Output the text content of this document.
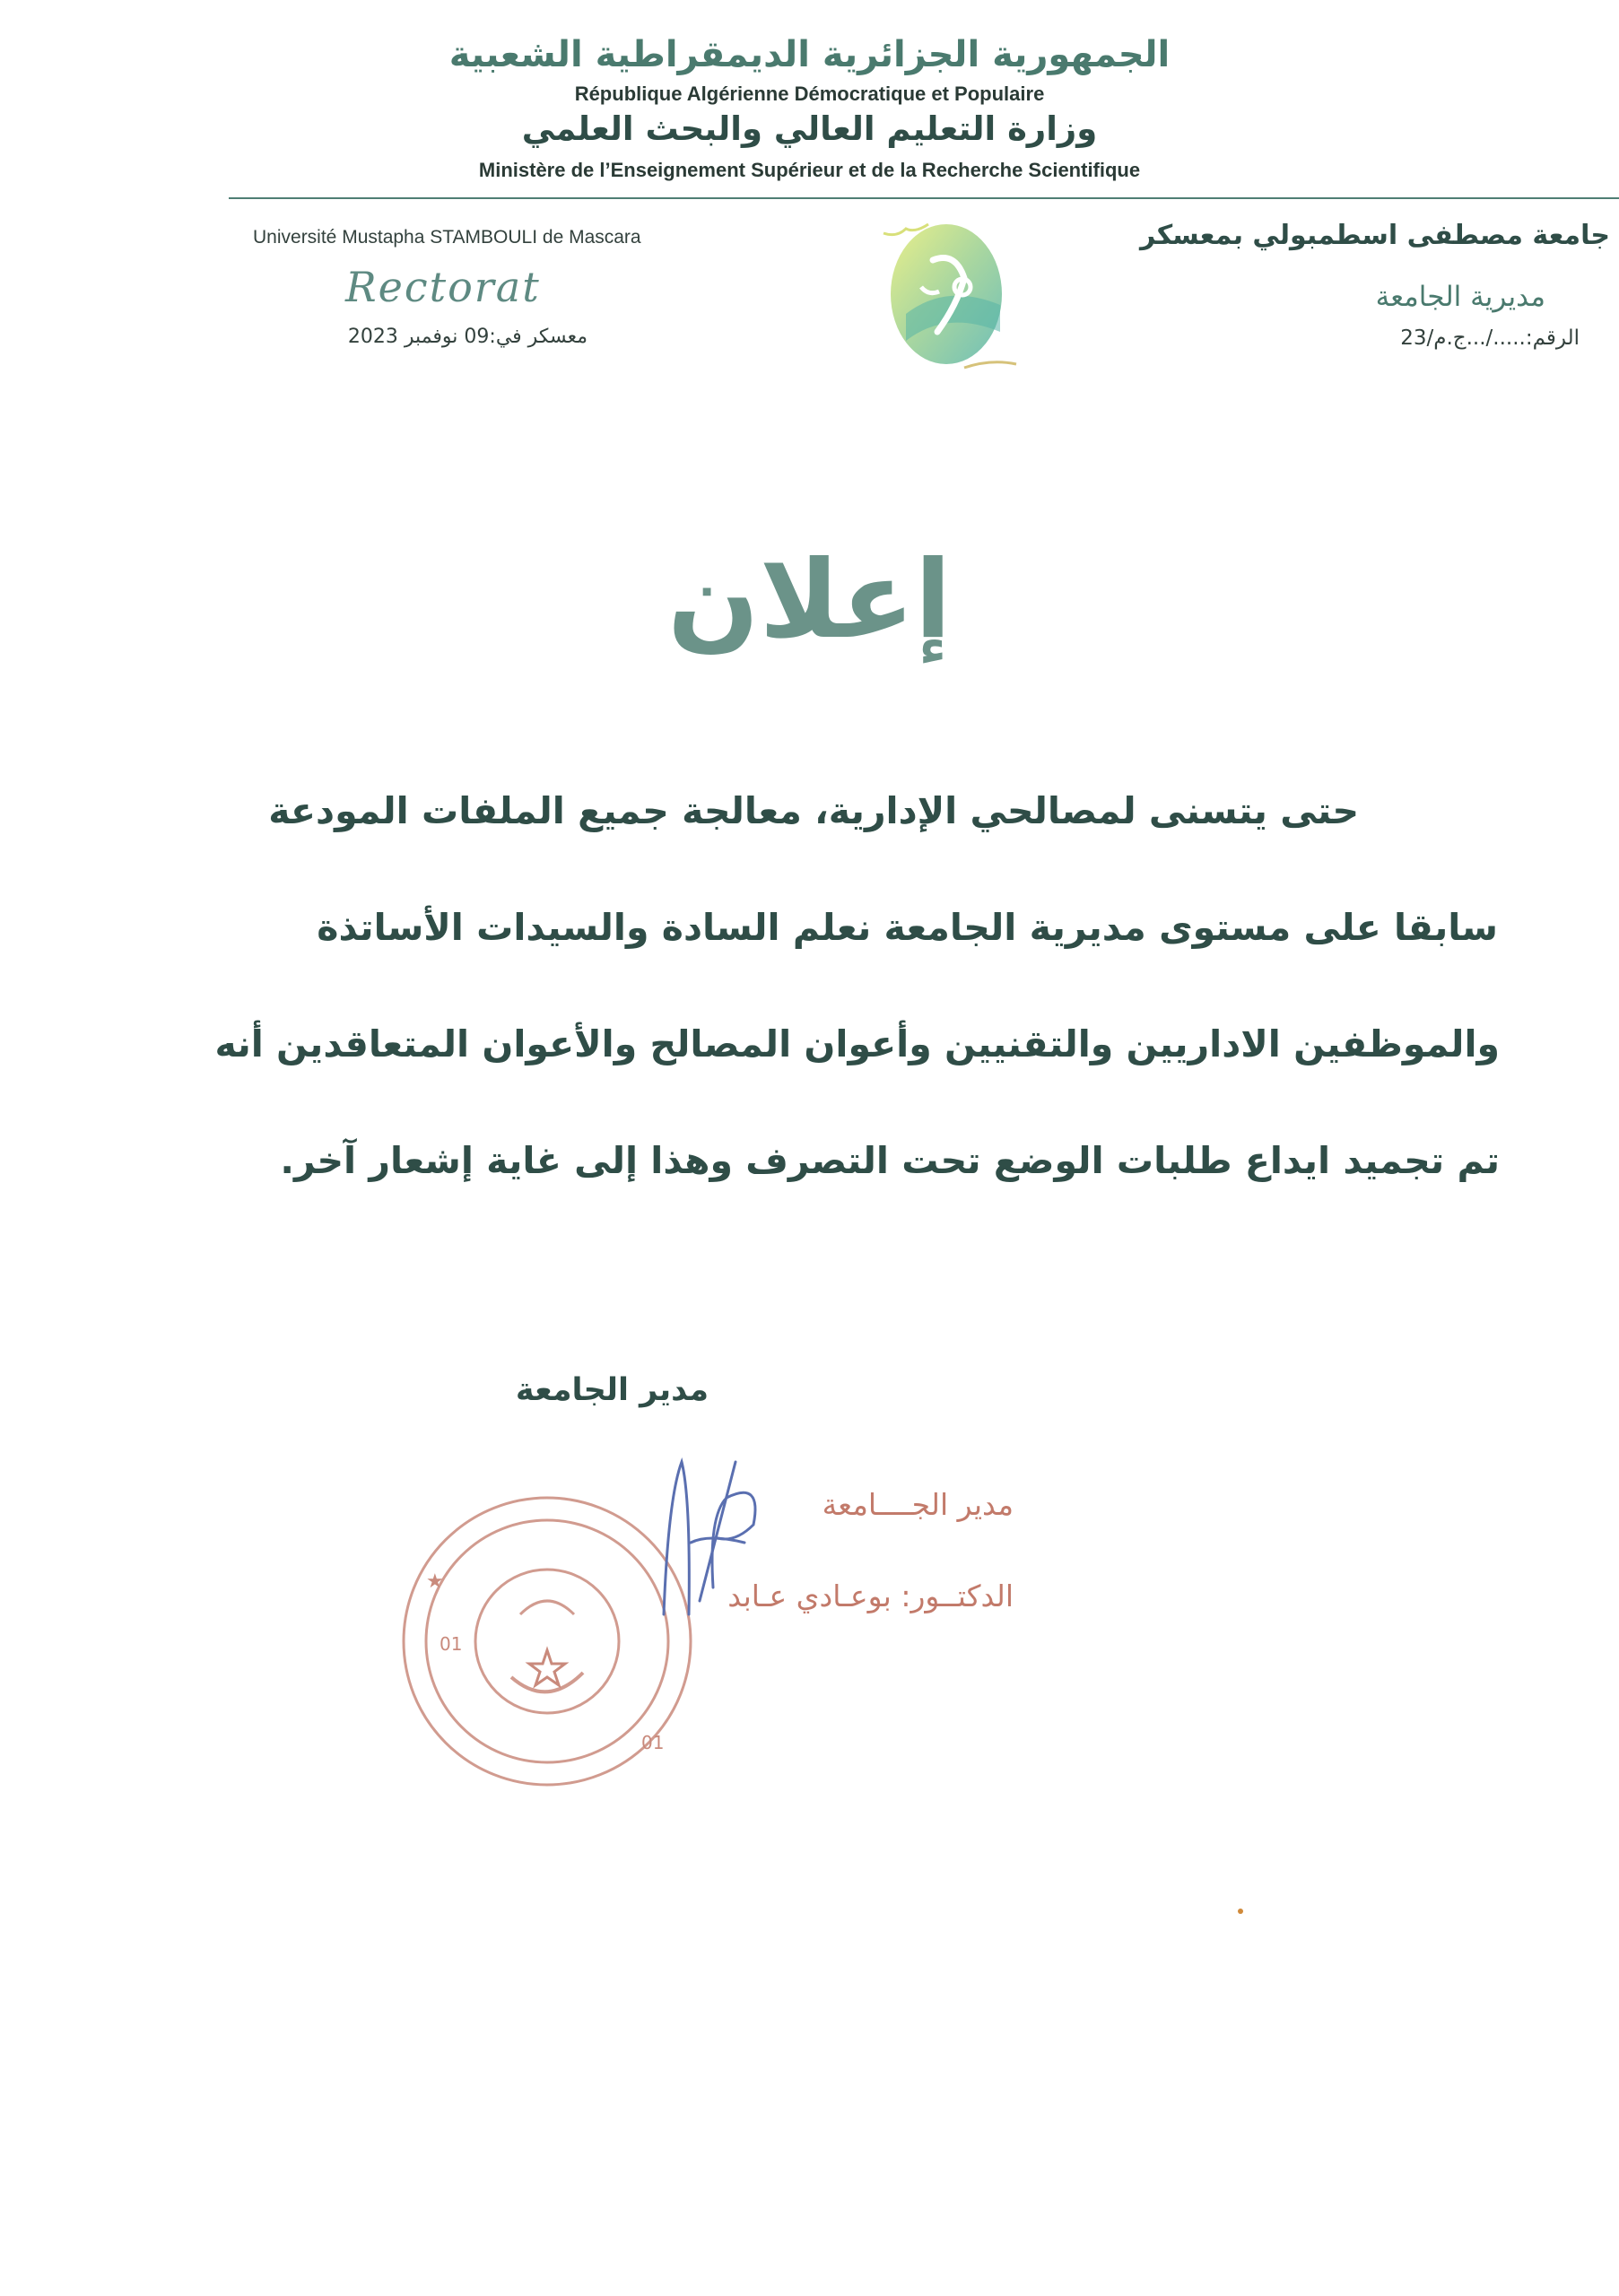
الجمهورية الجزائرية الديمقراطية الشعبية
République Algérienne Démocratique et Populaire
وزارة التعليم العالي والبحث العلمي
Ministère de l’Enseignement Supérieur et de la Recherche Scientifique
Université Mustapha STAMBOULI de Mascara
Rectorat
معسكر في:09 نوفمبر 2023
جامعة مصطفى اسطمبولي بمعسكر
مديرية الجامعة
الرقم:...../...ج.م/23
إعلان
حتى يتسنى لمصالحي الإدارية، معالجة جميع الملفات المودعة
سابقا على مستوى مديرية الجامعة نعلم السادة والسيدات الأساتذة
والموظفين الاداريين والتقنيين وأعوان المصالح والأعوان المتعاقدين أنه
تم تجميد ايداع طلبات الوضع تحت التصرف وهذا إلى غاية إشعار آخر.
مدير الجامعة
★
01
01
مدير الجــــامعة
الدكتــور: بوعـادي عـابد
